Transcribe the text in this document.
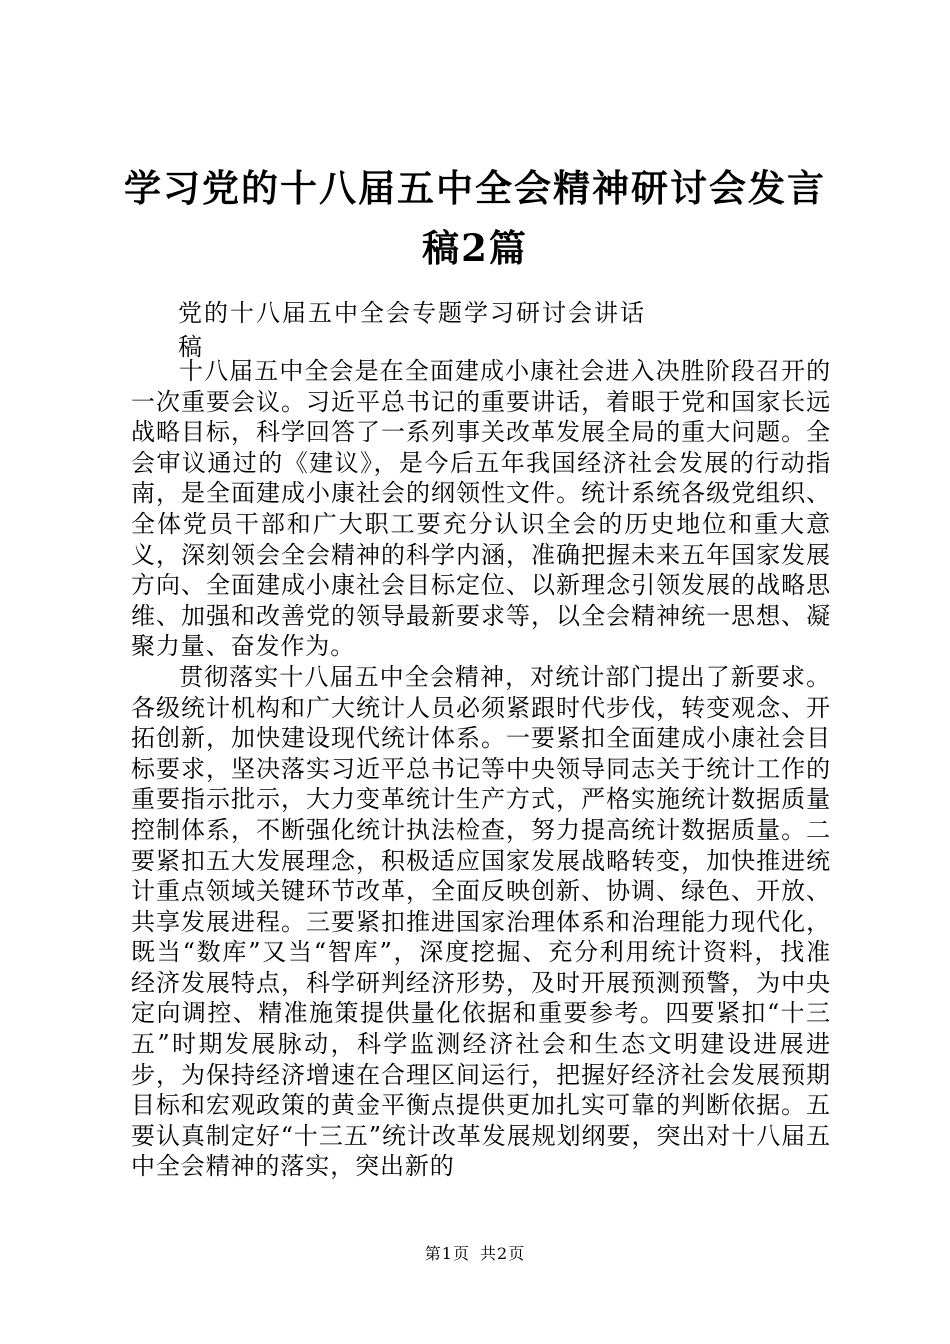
学习党的十八届五中全会精神研讨会发言稿2篇
党的十八届五中全会专题学习研讨会讲话稿

十八届五中全会是在全面建成小康社会进入决胜阶段召开的一次重要会议。习近平总书记的重要讲话，着眼于党和国家长远战略目标，科学回答了一系列事关改革发展全局的重大问题。全会审议通过的《建议》，是今后五年我国经济社会发展的行动指南，是全面建成小康社会的纲领性文件。统计系统各级党组织、全体党员干部和广大职工要充分认识全会的历史地位和重大意义，深刻领会全会精神的科学内涵，准确把握未来五年国家发展方向、全面建成小康社会目标定位、以新理念引领发展的战略思维、加强和改善党的领导最新要求等，以全会精神统一思想、凝聚力量、奋发作为。

贯彻落实十八届五中全会精神，对统计部门提出了新要求。各级统计机构和广大统计人员必须紧跟时代步伐，转变观念、开拓创新，加快建设现代统计体系。一要紧扣全面建成小康社会目标要求，坚决落实习近平总书记等中央领导同志关于统计工作的重要指示批示，大力变革统计生产方式，严格实施统计数据质量控制体系，不断强化统计执法检查，努力提高统计数据质量。二要紧扣五大发展理念，积极适应国家发展战略转变，加快推进统计重点领域关键环节改革，全面反映创新、协调、绿色、开放、共享发展进程。三要紧扣推进国家治理体系和治理能力现代化，既当“数库”又当“智库”，深度挖掘、充分利用统计资料，找准经济发展特点，科学研判经济形势，及时开展预测预警，为中央定向调控、精准施策提供量化依据和重要参考。四要紧扣“十三五”时期发展脉动，科学监测经济社会和生态文明建设进展进步，为保持经济增速在合理区间运行，把握好经济社会发展预期目标和宏观政策的黄金平衡点提供更加扎实可靠的判断依据。五要认真制定好“十三五”统计改革发展规划纲要，突出对十八届五中全会精神的落实，突出新的

第1页 共2页
